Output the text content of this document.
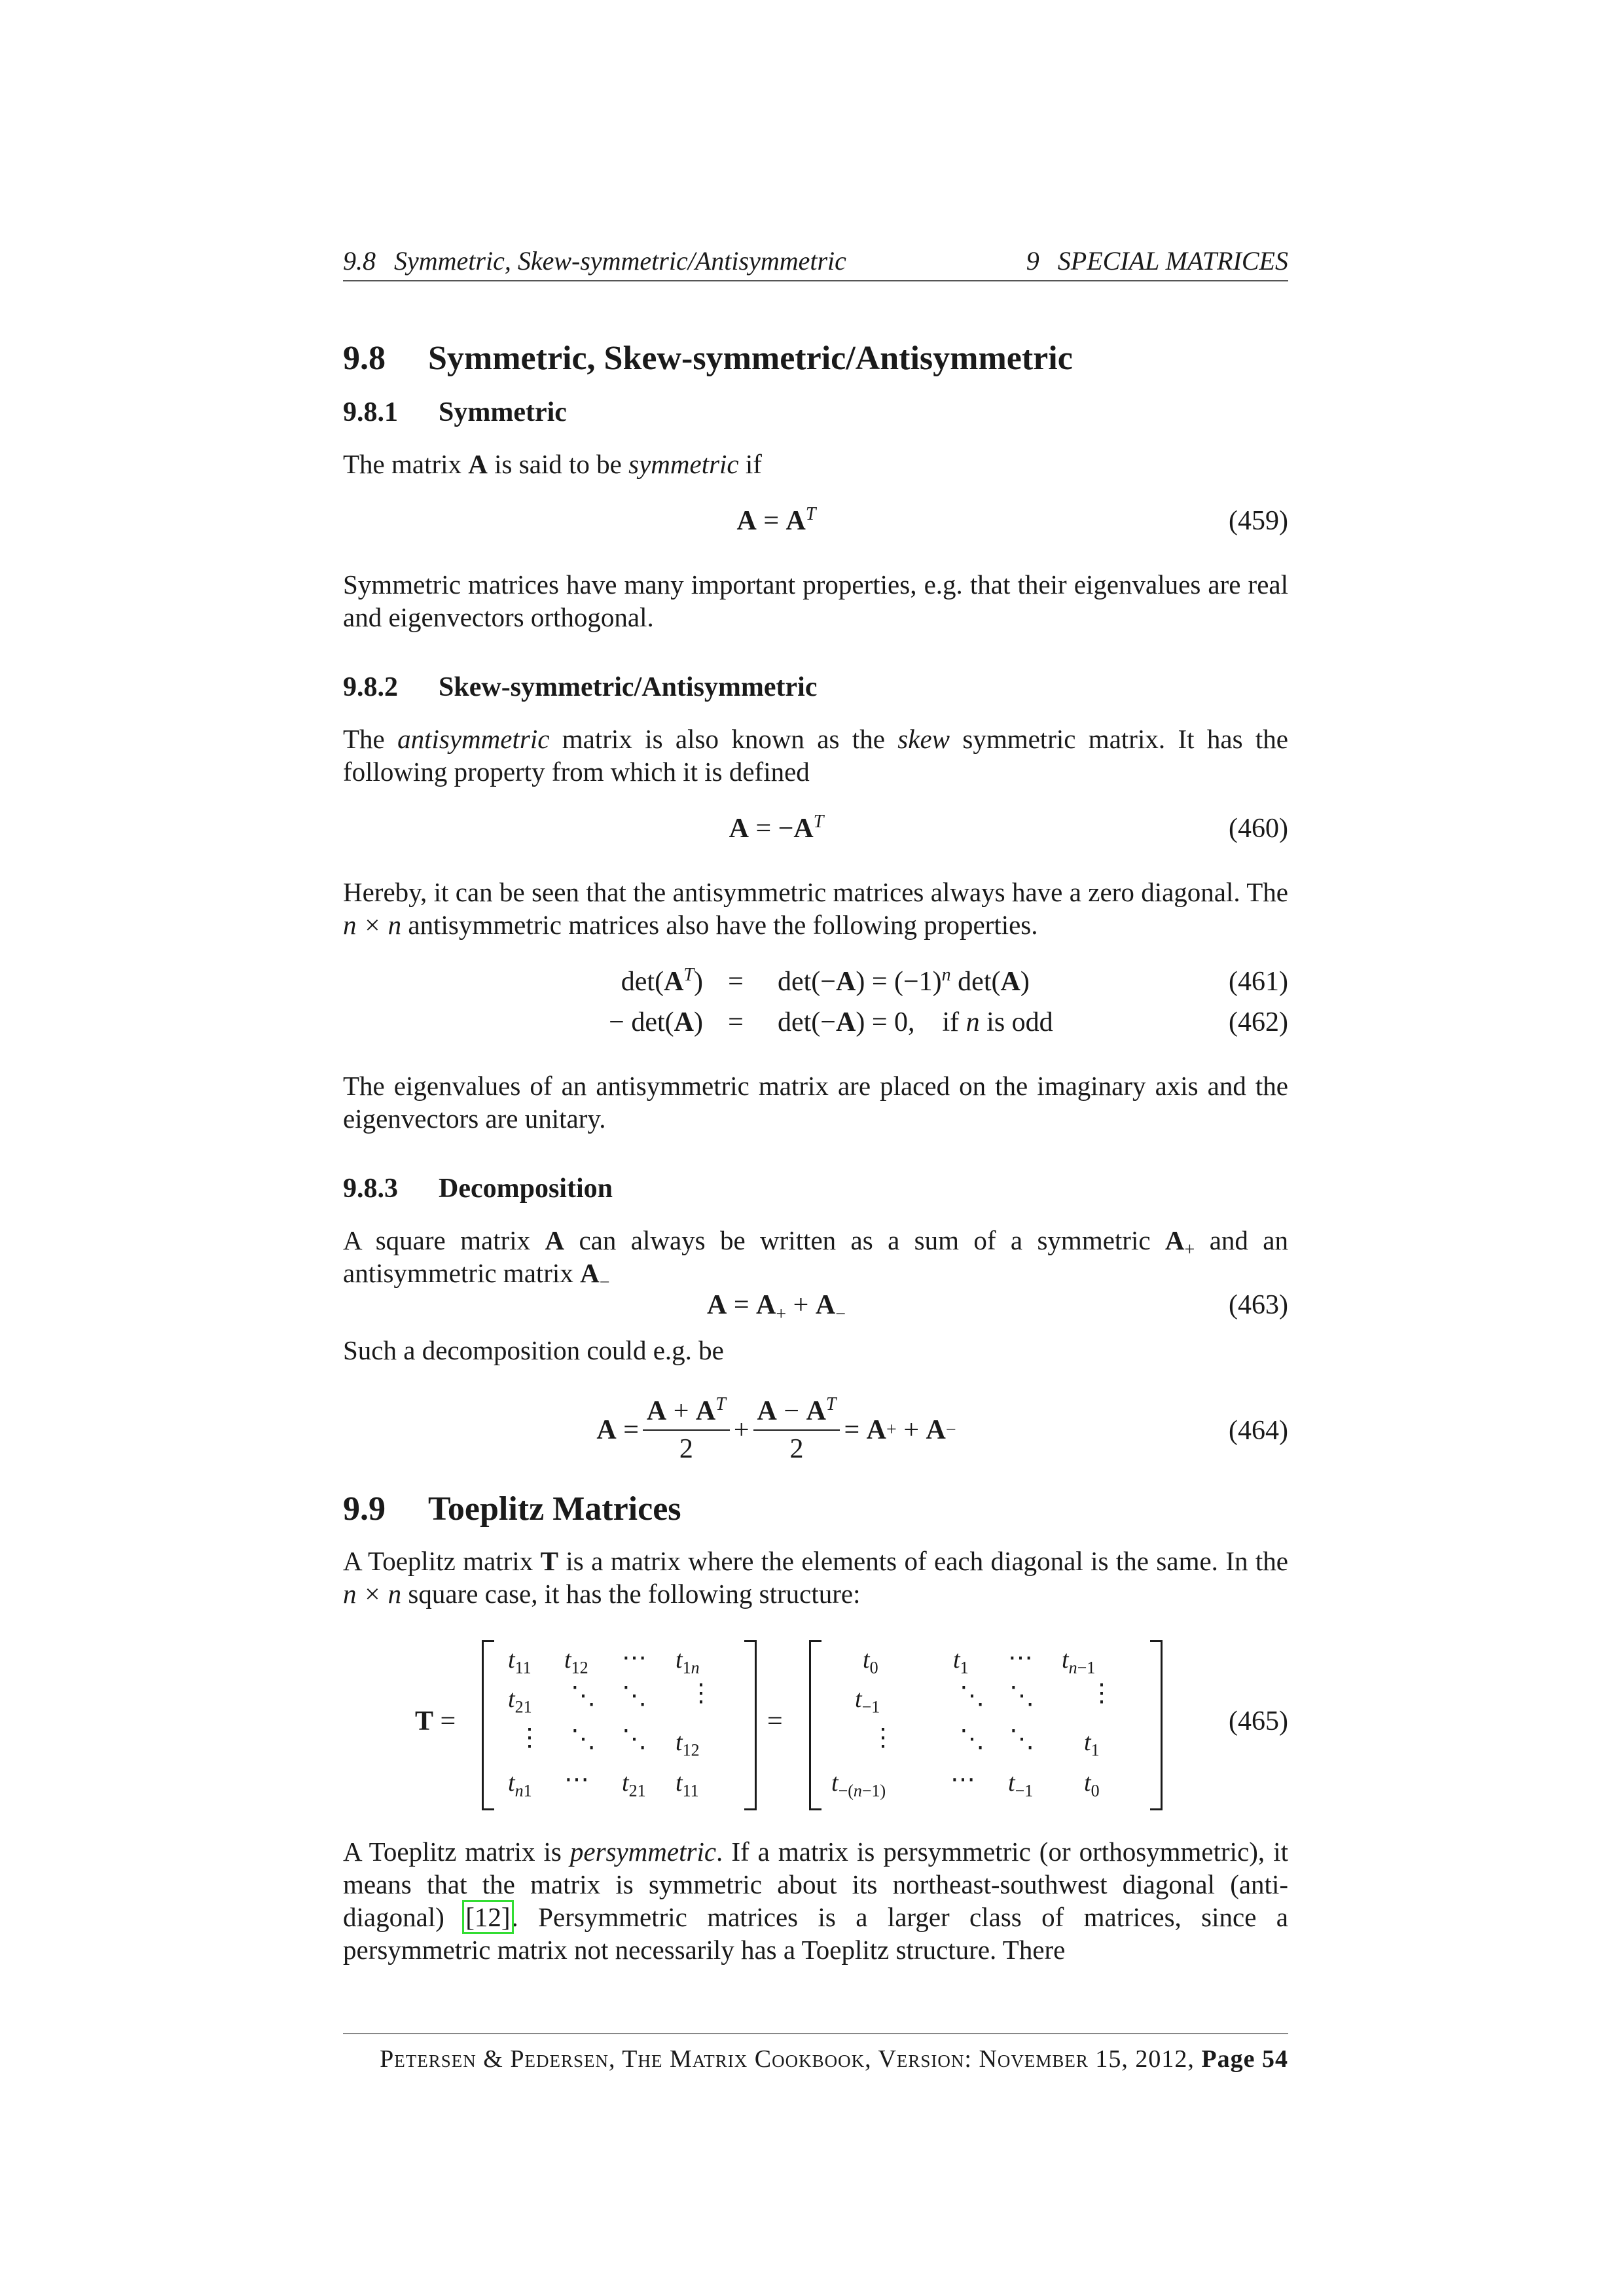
9.8 Symmetric, Skew-symmetric/Antisymmetric	9 SPECIAL MATRICES
9.8 Symmetric, Skew-symmetric/Antisymmetric
9.8.1 Symmetric

The matrix A is said to be symmetric if

$A = A^T$	(459)

Symmetric matrices have many important properties, e.g. that their eigenvalues are real and eigenvectors orthogonal.

9.8.2 Skew-symmetric/Antisymmetric

The antisymmetric matrix is also known as the skew symmetric matrix. It has the following property from which it is defined

$A = -A^T$	(460)

Hereby, it can be seen that the antisymmetric matrices always have a zero diagonal. The n × n antisymmetric matrices also have the following properties.

$\det(A^T)$ =	$\det(-A) = (-1)^n$ det(A)	(461)
− det(A) =	det(−A) = 0,    if n is odd	(462)

The eigenvalues of an antisymmetric matrix are placed on the imaginary axis and the eigenvectors are unitary.

9.8.3 Decomposition

A square matrix A can always be written as a sum of a symmetric $A_+$ and an antisymmetric matrix $A_-$

$A = A_+ + A_-$	(463)

Such a decomposition could e.g. be

$A = \frac{A + A^T}{2} + \frac{A - A^T}{2} = A$ + + A −	(464)
9.9 Toeplitz Matrices

A Toeplitz matrix T is a matrix where the elements of each diagonal is the same. In the n × n square case, it has the following structure:

T =
$t_{11}$ $t_{12}$ ⋯ $t_{1n}$
$t_{21}$ ⋱ ⋱ ⋮
⋮ ⋱ ⋱ $t_{12}$
$t_{n1}$ ⋯ $t_{21}$ $t_{11}$
=
$t_0$	$t_1$ ⋯ $t_{n-1}$
$t_{-1}$	⋱ ⋱ ⋮
⋮	⋱ ⋱ $t_1$
$t_{-(n-1)}$	⋯ $t_{-1}$ $t_0$
(465)

A Toeplitz matrix is persymmetric. If a matrix is persymmetric (or orthosymmetric), it means that the matrix is symmetric about its northeast-southwest diagonal (anti-diagonal) [12]. Persymmetric matrices is a larger class of matrices, since a persymmetric matrix not necessarily has a Toeplitz structure. There

Petersen & Pedersen, The Matrix Cookbook, Version: November 15, 2012, Page 54
